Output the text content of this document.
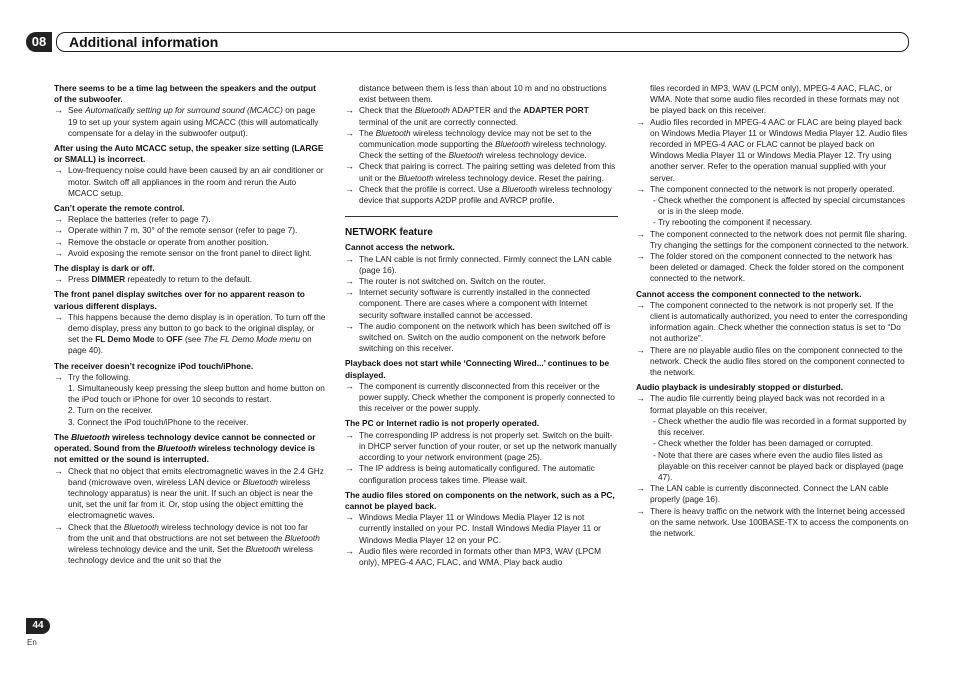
08	Additional information
There seems to be a time lag between the speakers and the output of the subwoofer.
→ See Automatically setting up for surround sound (MCACC) on page 19 to set up your system again using MCACC (this will automatically compensate for a delay in the subwoofer output).
After using the Auto MCACC setup, the speaker size setting (LARGE or SMALL) is incorrect.
→ Low-frequency noise could have been caused by an air conditioner or motor. Switch off all appliances in the room and rerun the Auto MCACC setup.
Can’t operate the remote control.
→ Replace the batteries (refer to page 7).
→ Operate within 7 m, 30° of the remote sensor (refer to page 7).
→ Remove the obstacle or operate from another position.
→ Avoid exposing the remote sensor on the front panel to direct light.
The display is dark or off.
→ Press DIMMER repeatedly to return to the default.
The front panel display switches over for no apparent reason to various different displays.
→ This happens because the demo display is in operation. To turn off the demo display, press any button to go back to the original display, or set the FL Demo Mode to OFF (see The FL Demo Mode menu on page 40).
The receiver doesn’t recognize iPod touch/iPhone.
→ Try the following.
1. Simultaneously keep pressing the sleep button and home button on the iPod touch or iPhone for over 10 seconds to restart.
2. Turn on the receiver.
3. Connect the iPod touch/iPhone to the receiver.
The Bluetooth wireless technology device cannot be connected or operated. Sound from the Bluetooth wireless technology device is not emitted or the sound is interrupted.
→ Check that no object that emits electromagnetic waves in the 2.4 GHz band (microwave oven, wireless LAN device or Bluetooth wireless technology apparatus) is near the unit. If such an object is near the unit, set the unit far from it. Or, stop using the object emitting the electromagnetic waves.
→ Check that the Bluetooth wireless technology device is not too far from the unit and that obstructions are not set between the Bluetooth wireless technology device and the unit. Set the Bluetooth wireless technology device and the unit so that the
distance between them is less than about 10 m and no obstructions exist between them.
→ Check that the Bluetooth ADAPTER and the ADAPTER PORT terminal of the unit are correctly connected.
→ The Bluetooth wireless technology device may not be set to the communication mode supporting the Bluetooth wireless technology. Check the setting of the Bluetooth wireless technology device.
→ Check that pairing is correct. The pairing setting was deleted from this unit or the Bluetooth wireless technology device. Reset the pairing.
→ Check that the profile is correct. Use a Bluetooth wireless technology device that supports A2DP profile and AVRCP profile.
NETWORK feature
Cannot access the network.
→ The LAN cable is not firmly connected. Firmly connect the LAN cable (page 16).
→ The router is not switched on. Switch on the router.
→ Internet security software is currently installed in the connected component. There are cases where a component with Internet security software installed cannot be accessed.
→ The audio component on the network which has been switched off is switched on. Switch on the audio component on the network before switching on this receiver.
Playback does not start while ‘Connecting Wired...’ continues to be displayed.
→ The component is currently disconnected from this receiver or the power supply. Check whether the component is properly connected to this receiver or the power supply.
The PC or Internet radio is not properly operated.
→ The corresponding IP address is not properly set. Switch on the built-in DHCP server function of your router, or set up the network manually according to your network environment (page 25).
→ The IP address is being automatically configured. The automatic configuration process takes time. Please wait.
The audio files stored on components on the network, such as a PC, cannot be played back.
→ Windows Media Player 11 or Windows Media Player 12 is not currently installed on your PC. Install Windows Media Player 11 or Windows Media Player 12 on your PC.
→ Audio files were recorded in formats other than MP3, WAV (LPCM only), MPEG-4 AAC, FLAC, and WMA. Play back audio
files recorded in MP3, WAV (LPCM only), MPEG-4 AAC, FLAC, or WMA. Note that some audio files recorded in these formats may not be played back on this receiver.
→ Audio files recorded in MPEG-4 AAC or FLAC are being played back on Windows Media Player 11 or Windows Media Player 12. Audio files recorded in MPEG-4 AAC or FLAC cannot be played back on Windows Media Player 11 or Windows Media Player 12. Try using another server. Refer to the operation manual supplied with your server.
→ The component connected to the network is not properly operated.
- Check whether the component is affected by special circumstances or is in the sleep mode.
- Try rebooting the component if necessary.
→ The component connected to the network does not permit file sharing. Try changing the settings for the component connected to the network.
→ The folder stored on the component connected to the network has been deleted or damaged. Check the folder stored on the component connected to the network.
Cannot access the component connected to the network.
→ The component connected to the network is not properly set. If the client is automatically authorized, you need to enter the corresponding information again. Check whether the connection status is set to “Do not authorize”.
→ There are no playable audio files on the component connected to the network. Check the audio files stored on the component connected to the network.
Audio playback is undesirably stopped or disturbed.
→ The audio file currently being played back was not recorded in a format playable on this receiver.
- Check whether the audio file was recorded in a format supported by this receiver.
- Check whether the folder has been damaged or corrupted.
- Note that there are cases where even the audio files listed as playable on this receiver cannot be played back or displayed (page 47).
→ The LAN cable is currently disconnected. Connect the LAN cable properly (page 16).
→ There is heavy traffic on the network with the Internet being accessed on the same network. Use 100BASE-TX to access the components on the network.
44
En
